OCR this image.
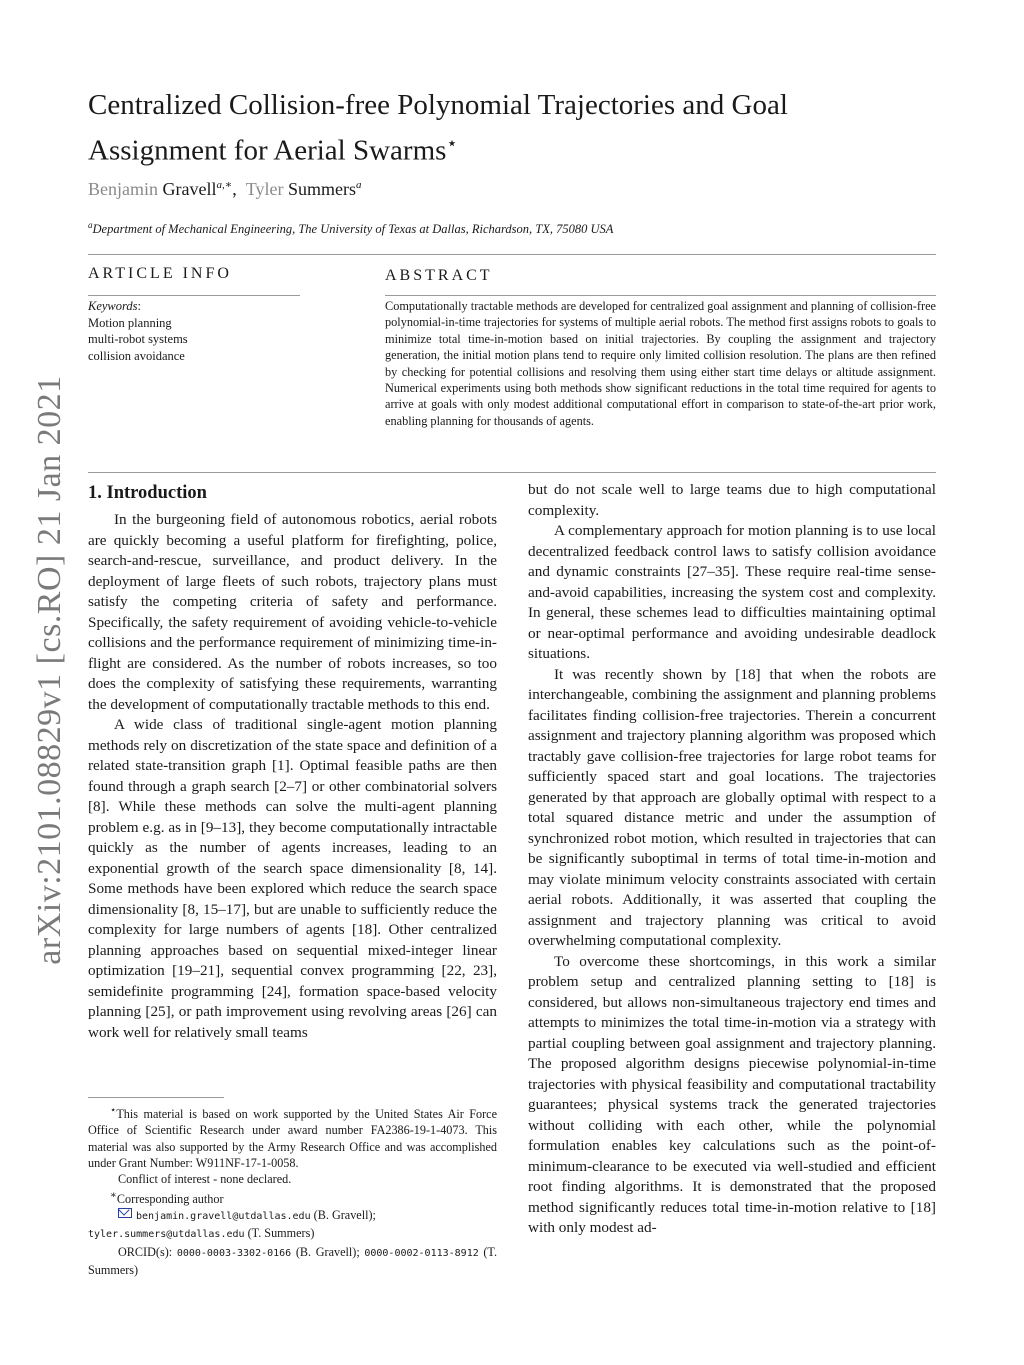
arXiv:2101.08829v1 [cs.RO] 21 Jan 2021
Centralized Collision-free Polynomial Trajectories and Goal
Assignment for Aerial Swarms⋆
Benjamin Gravell$^{a,∗}$, Tyler Summers$^a$
$^a$Department of Mechanical Engineering, The University of Texas at Dallas, Richardson, TX, 75080 USA
ARTICLE INFO
Keywords:
Motion planning
multi-robot systems
collision avoidance
ABSTRACT
Computationally tractable methods are developed for centralized goal assignment and planning of collision-free polynomial-in-time trajectories for systems of multiple aerial robots. The method first assigns robots to goals to minimize total time-in-motion based on initial trajectories. By coupling the assignment and trajectory generation, the initial motion plans tend to require only limited collision resolution. The plans are then refined by checking for potential collisions and resolving them using either start time delays or altitude assignment. Numerical experiments using both methods show significant reductions in the total time required for agents to arrive at goals with only modest additional computational effort in comparison to state-of-the-art prior work, enabling planning for thousands of agents.
1. Introduction

In the burgeoning field of autonomous robotics, aerial robots are quickly becoming a useful platform for firefighting, police, search-and-rescue, surveillance, and product delivery. In the deployment of large fleets of such robots, trajectory plans must satisfy the competing criteria of safety and performance. Specifically, the safety requirement of avoiding vehicle-to-vehicle collisions and the performance requirement of minimizing time-in-flight are considered. As the number of robots increases, so too does the complexity of satisfying these requirements, warranting the development of computationally tractable methods to this end.

A wide class of traditional single-agent motion planning methods rely on discretization of the state space and definition of a related state-transition graph [1]. Optimal feasible paths are then found through a graph search [2–7] or other combinatorial solvers [8]. While these methods can solve the multi-agent planning problem e.g. as in [9–13], they become computationally intractable quickly as the number of agents increases, leading to an exponential growth of the search space dimensionality [8, 14]. Some methods have been explored which reduce the search space dimensionality [8, 15–17], but are unable to sufficiently reduce the complexity for large numbers of agents [18]. Other centralized planning approaches based on sequential mixed-integer linear optimization [19–21], sequential convex programming [22, 23], semidefinite programming [24], formation space-based velocity planning [25], or path improvement using revolving areas [26] can work well for relatively small teams

⋆This material is based on work supported by the United States Air Force Office of Scientific Research under award number FA2386-19-1-4073. This material was also supported by the Army Research Office and was accomplished under Grant Number: W911NF-17-1-0058.

Conflict of interest - none declared.

∗Corresponding author

benjamin.gravell@utdallas.edu (B. Gravell);

tyler.summers@utdallas.edu (T. Summers)

ORCID(s): 0000-0003-3302-0166 (B. Gravell); 0000-0002-0113-8912 (T. Summers)

but do not scale well to large teams due to high computational complexity.

A complementary approach for motion planning is to use local decentralized feedback control laws to satisfy collision avoidance and dynamic constraints [27–35]. These require real-time sense-and-avoid capabilities, increasing the system cost and complexity. In general, these schemes lead to difficulties maintaining optimal or near-optimal performance and avoiding undesirable deadlock situations.

It was recently shown by [18] that when the robots are interchangeable, combining the assignment and planning problems facilitates finding collision-free trajectories. Therein a concurrent assignment and trajectory planning algorithm was proposed which tractably gave collision-free trajectories for large robot teams for sufficiently spaced start and goal locations. The trajectories generated by that approach are globally optimal with respect to a total squared distance metric and under the assumption of synchronized robot motion, which resulted in trajectories that can be significantly suboptimal in terms of total time-in-motion and may violate minimum velocity constraints associated with certain aerial robots. Additionally, it was asserted that coupling the assignment and trajectory planning was critical to avoid overwhelming computational complexity.

To overcome these shortcomings, in this work a similar problem setup and centralized planning setting to [18] is considered, but allows non-simultaneous trajectory end times and attempts to minimizes the total time-in-motion via a strategy with partial coupling between goal assignment and trajectory planning. The proposed algorithm designs piecewise polynomial-in-time trajectories with physical feasibility and computational tractability guarantees; physical systems track the generated trajectories without colliding with each other, while the polynomial formulation enables key calculations such as the point-of-minimum-clearance to be executed via well-studied and efficient root finding algorithms. It is demonstrated that the proposed method significantly reduces total time-in-motion relative to [18] with only modest ad-
